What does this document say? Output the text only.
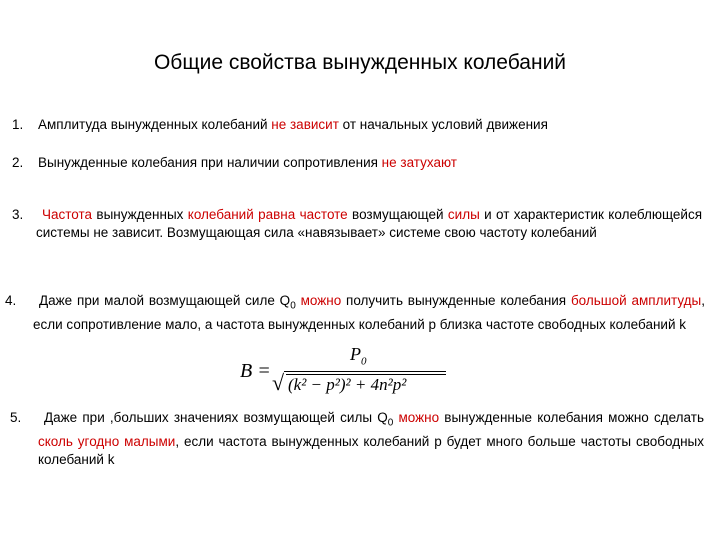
Общие свойства вынужденных колебаний
1. Амплитуда вынужденных колебаний не зависит от начальных условий движения
2. Вынужденные колебания при наличии сопротивления не затухают
3.	Частота вынужденных колебаний равна частоте возмущающей силы и от характеристик колеблющейся системы не зависит. Возмущающая сила «навязывает» системе свою частоту колебаний
4.	Даже при малой возмущающей силе $Q_0$ можно получить вынужденные колебания большой амплитуды, если сопротивление мало, а частота вынужденных колебаний р близка частоте свободных колебаний k
B =
$P_0$
√ (k² − p²)² + 4n²p²
5.	Даже при ,больших значениях возмущающей силы $Q_0$ можно вынужденные колебания можно сделать сколь угодно малыми, если частота вынужденных колебаний р будет много больше частоты свободных колебаний k
